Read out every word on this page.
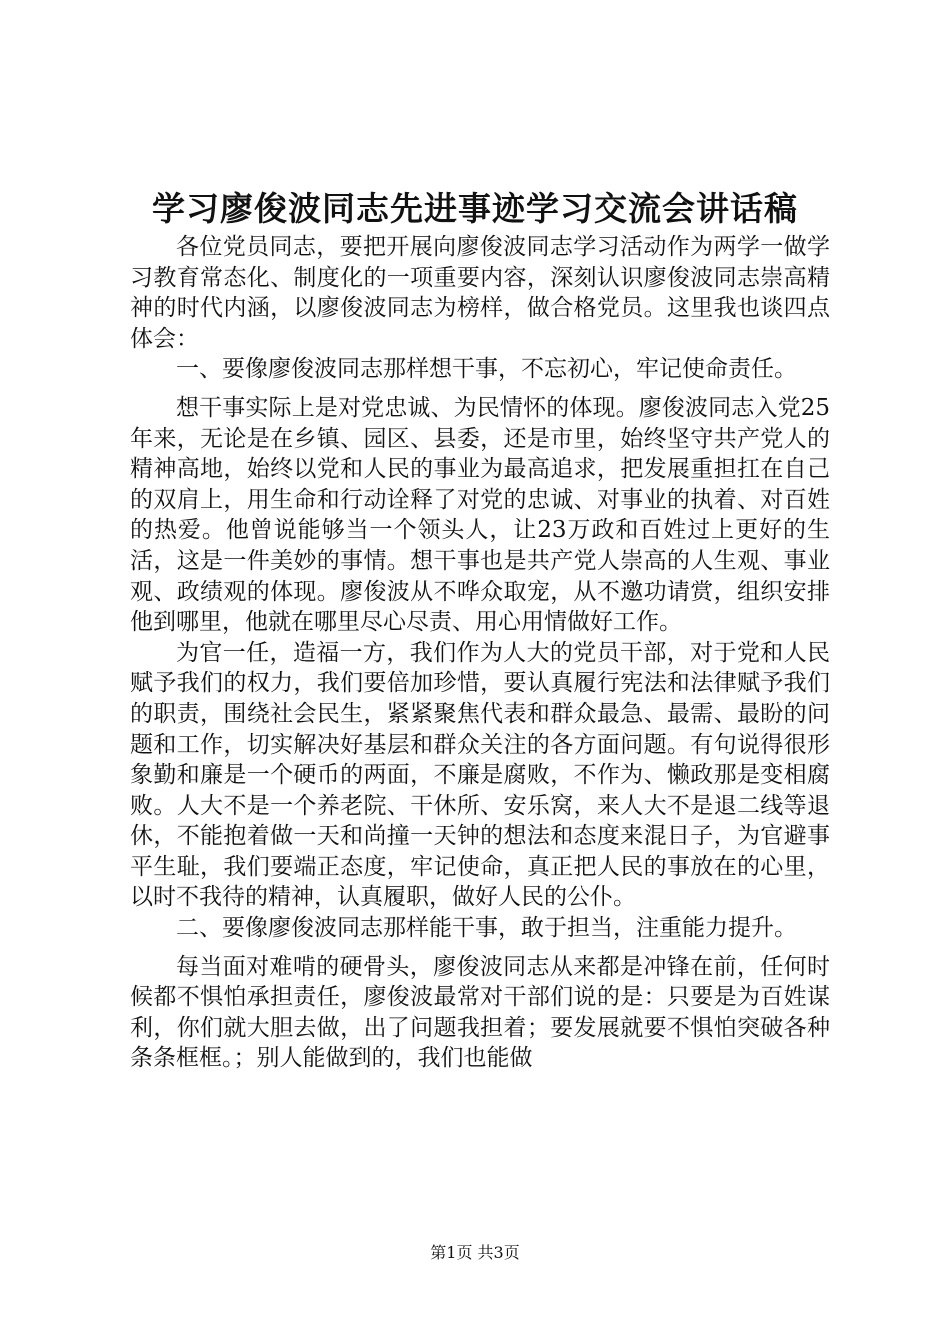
学习廖俊波同志先进事迹学习交流会讲话稿

各位党员同志，要把开展向廖俊波同志学习活动作为两学一做学习教育常态化、制度化的一项重要内容，深刻认识廖俊波同志崇高精神的时代内涵，以廖俊波同志为榜样，做合格党员。这里我也谈四点体会：

一、要像廖俊波同志那样想干事，不忘初心，牢记使命责任。

想干事实际上是对党忠诚、为民情怀的体现。廖俊波同志入党25年来，无论是在乡镇、园区、县委，还是市里，始终坚守共产党人的精神高地，始终以党和人民的事业为最高追求，把发展重担扛在自己的双肩上，用生命和行动诠释了对党的忠诚、对事业的执着、对百姓的热爱。他曾说能够当一个领头人，让23万政和百姓过上更好的生活，这是一件美妙的事情。想干事也是共产党人崇高的人生观、事业观、政绩观的体现。廖俊波从不哗众取宠，从不邀功请赏，组织安排他到哪里，他就在哪里尽心尽责、用心用情做好工作。

为官一任，造福一方，我们作为人大的党员干部，对于党和人民赋予我们的权力，我们要倍加珍惜，要认真履行宪法和法律赋予我们的职责，围绕社会民生，紧紧聚焦代表和群众最急、最需、最盼的问题和工作，切实解决好基层和群众关注的各方面问题。有句说得很形象勤和廉是一个硬币的两面，不廉是腐败，不作为、懒政那是变相腐败。人大不是一个养老院、干休所、安乐窝，来人大不是退二线等退休，不能抱着做一天和尚撞一天钟的想法和态度来混日子，为官避事平生耻，我们要端正态度，牢记使命，真正把人民的事放在的心里，以时不我待的精神，认真履职，做好人民的公仆。

二、要像廖俊波同志那样能干事，敢于担当，注重能力提升。

每当面对难啃的硬骨头，廖俊波同志从来都是冲锋在前，任何时候都不惧怕承担责任，廖俊波最常对干部们说的是：只要是为百姓谋利，你们就大胆去做，出了问题我担着；要发展就要不惧怕突破各种条条框框。；别人能做到的，我们也能做

第1页 共3页
